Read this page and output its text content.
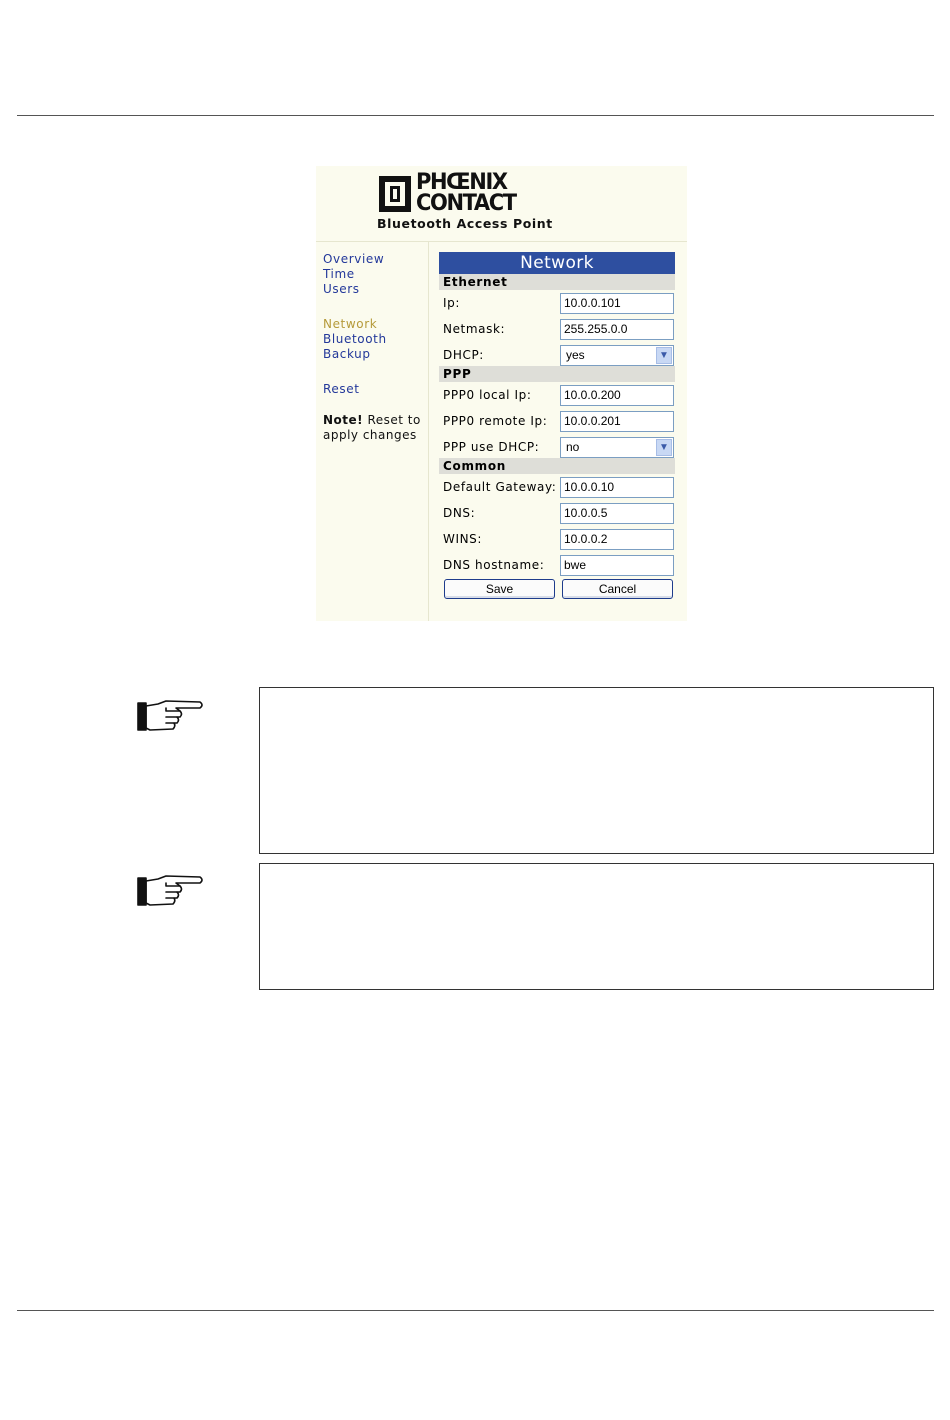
PHŒNIX
CONTACT
Bluetooth Access Point
Overview
Time
Users
Network
Bluetooth
Backup
Reset
Note! Reset to apply changes
Network
Ethernet
Ip:	10.0.0.101
Netmask:	255.255.0.0
DHCP:	yes	▼
PPP
PPP0 local Ip:	10.0.0.200
PPP0 remote Ip:	10.0.0.201
PPP use DHCP: no	▼
Common
Default Gateway: 10.0.0.10
DNS:	10.0.0.5
WINS:	10.0.0.2
DNS hostname:	bwe
Save	Cancel
